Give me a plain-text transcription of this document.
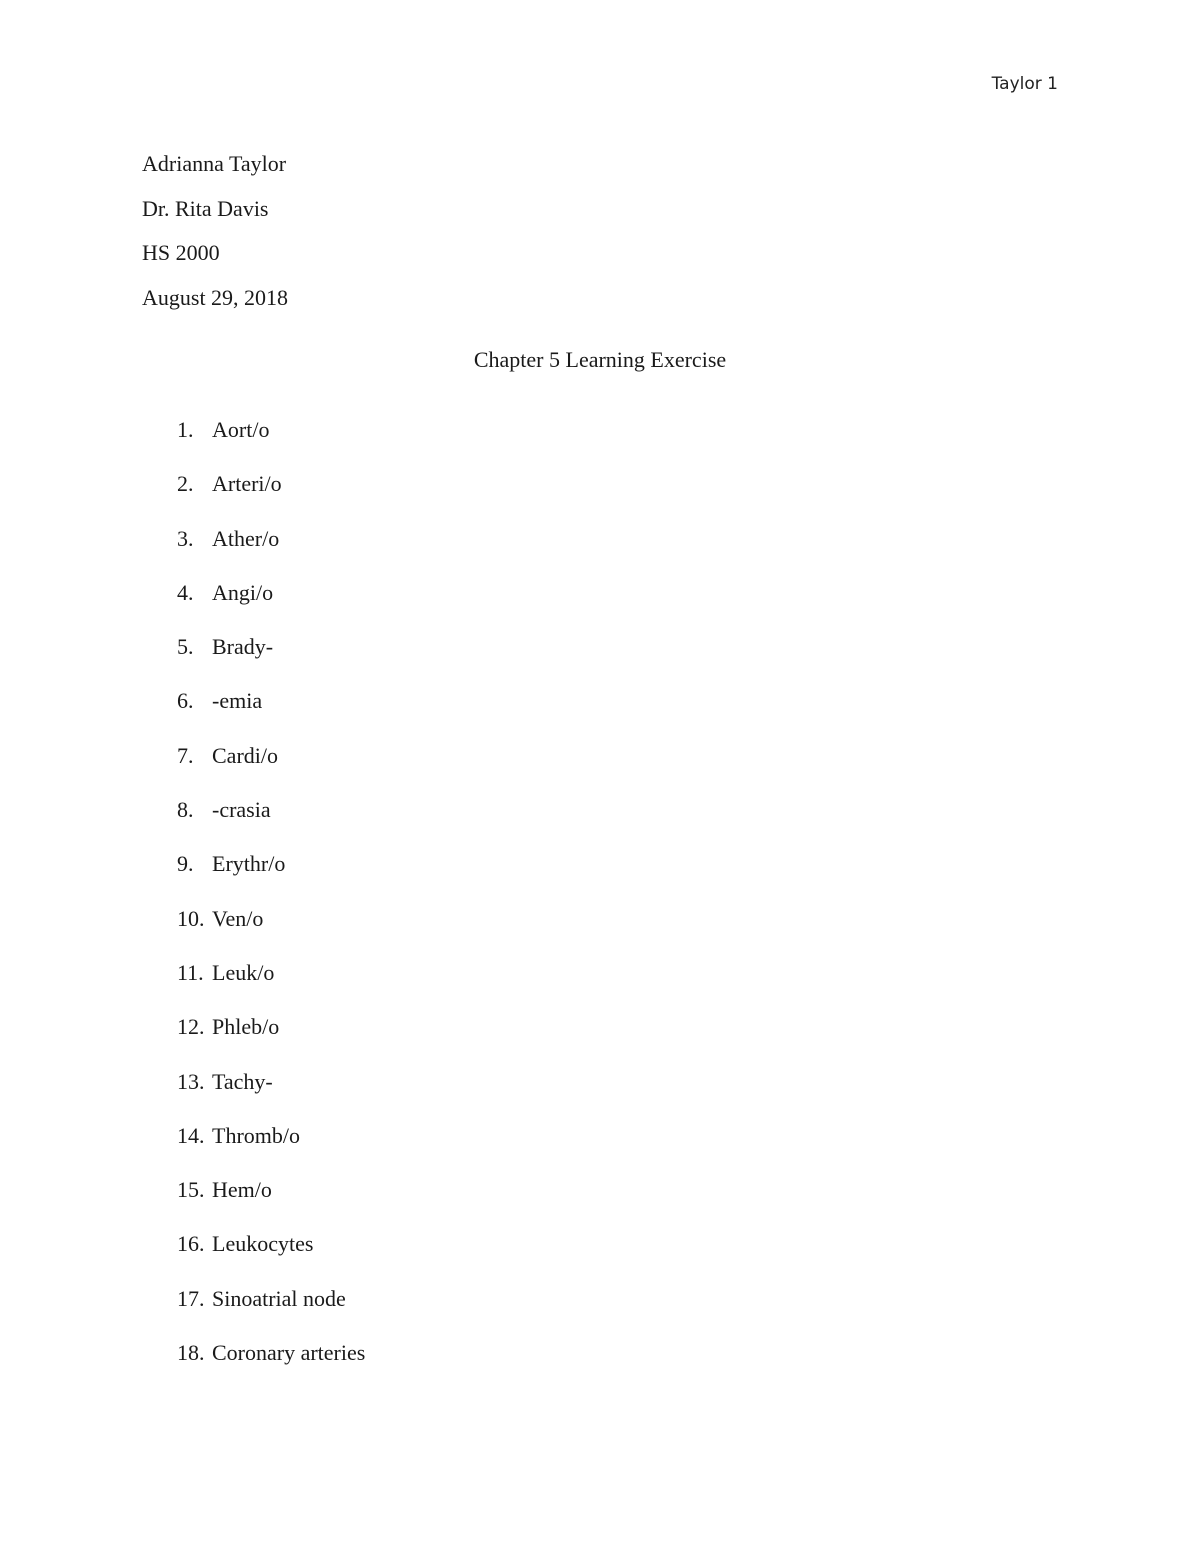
Taylor 1
Adrianna Taylor
Dr. Rita Davis
HS 2000
August 29, 2018
Chapter 5 Learning Exercise
1. Aort/o
2. Arteri/o
3. Ather/o
4. Angi/o
5. Brady-
6. -emia
7. Cardi/o
8. -crasia
9. Erythr/o
10. Ven/o
11. Leuk/o
12. Phleb/o
13. Tachy-
14. Thromb/o
15. Hem/o
16. Leukocytes
17. Sinoatrial node
18. Coronary arteries
